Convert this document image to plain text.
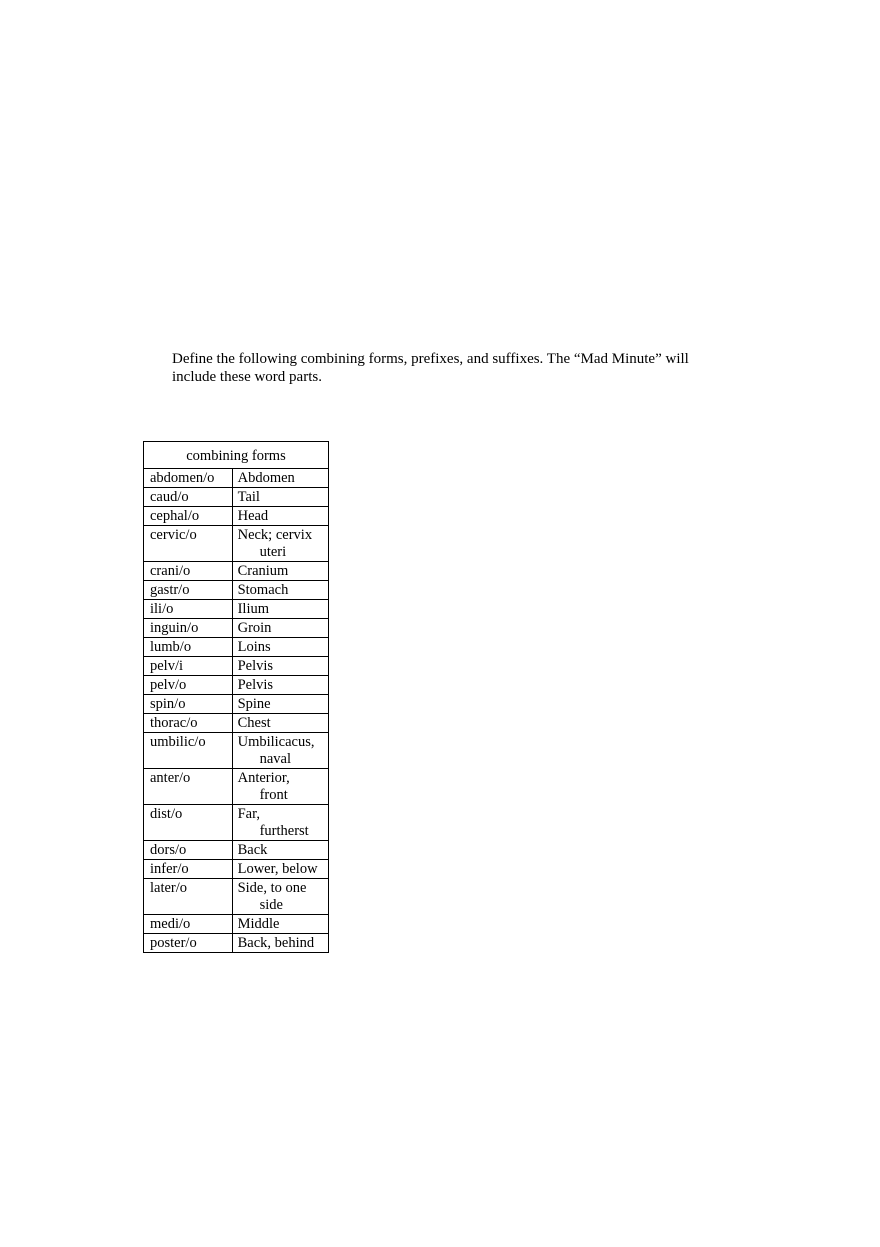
Define the following combining forms, prefixes, and suffixes. The “Mad Minute” will
include these word parts.
combining forms	
abdomen/o	Abdomen

caud/o	Tail

cephal/o	Head

cervic/o	Neck; cervix
uteri

crani/o	Cranium

gastr/o	Stomach

ili/o	Ilium

inguin/o	Groin

lumb/o	Loins

pelv/i	Pelvis

pelv/o	Pelvis

spin/o	Spine

thorac/o	Chest

umbilic/o	Umbilicacus,
naval

anter/o	Anterior,
front

dist/o	Far,
furtherst

dors/o	Back

infer/o	Lower, below

later/o	Side, to one
side

medi/o	Middle

poster/o	Back, behind
